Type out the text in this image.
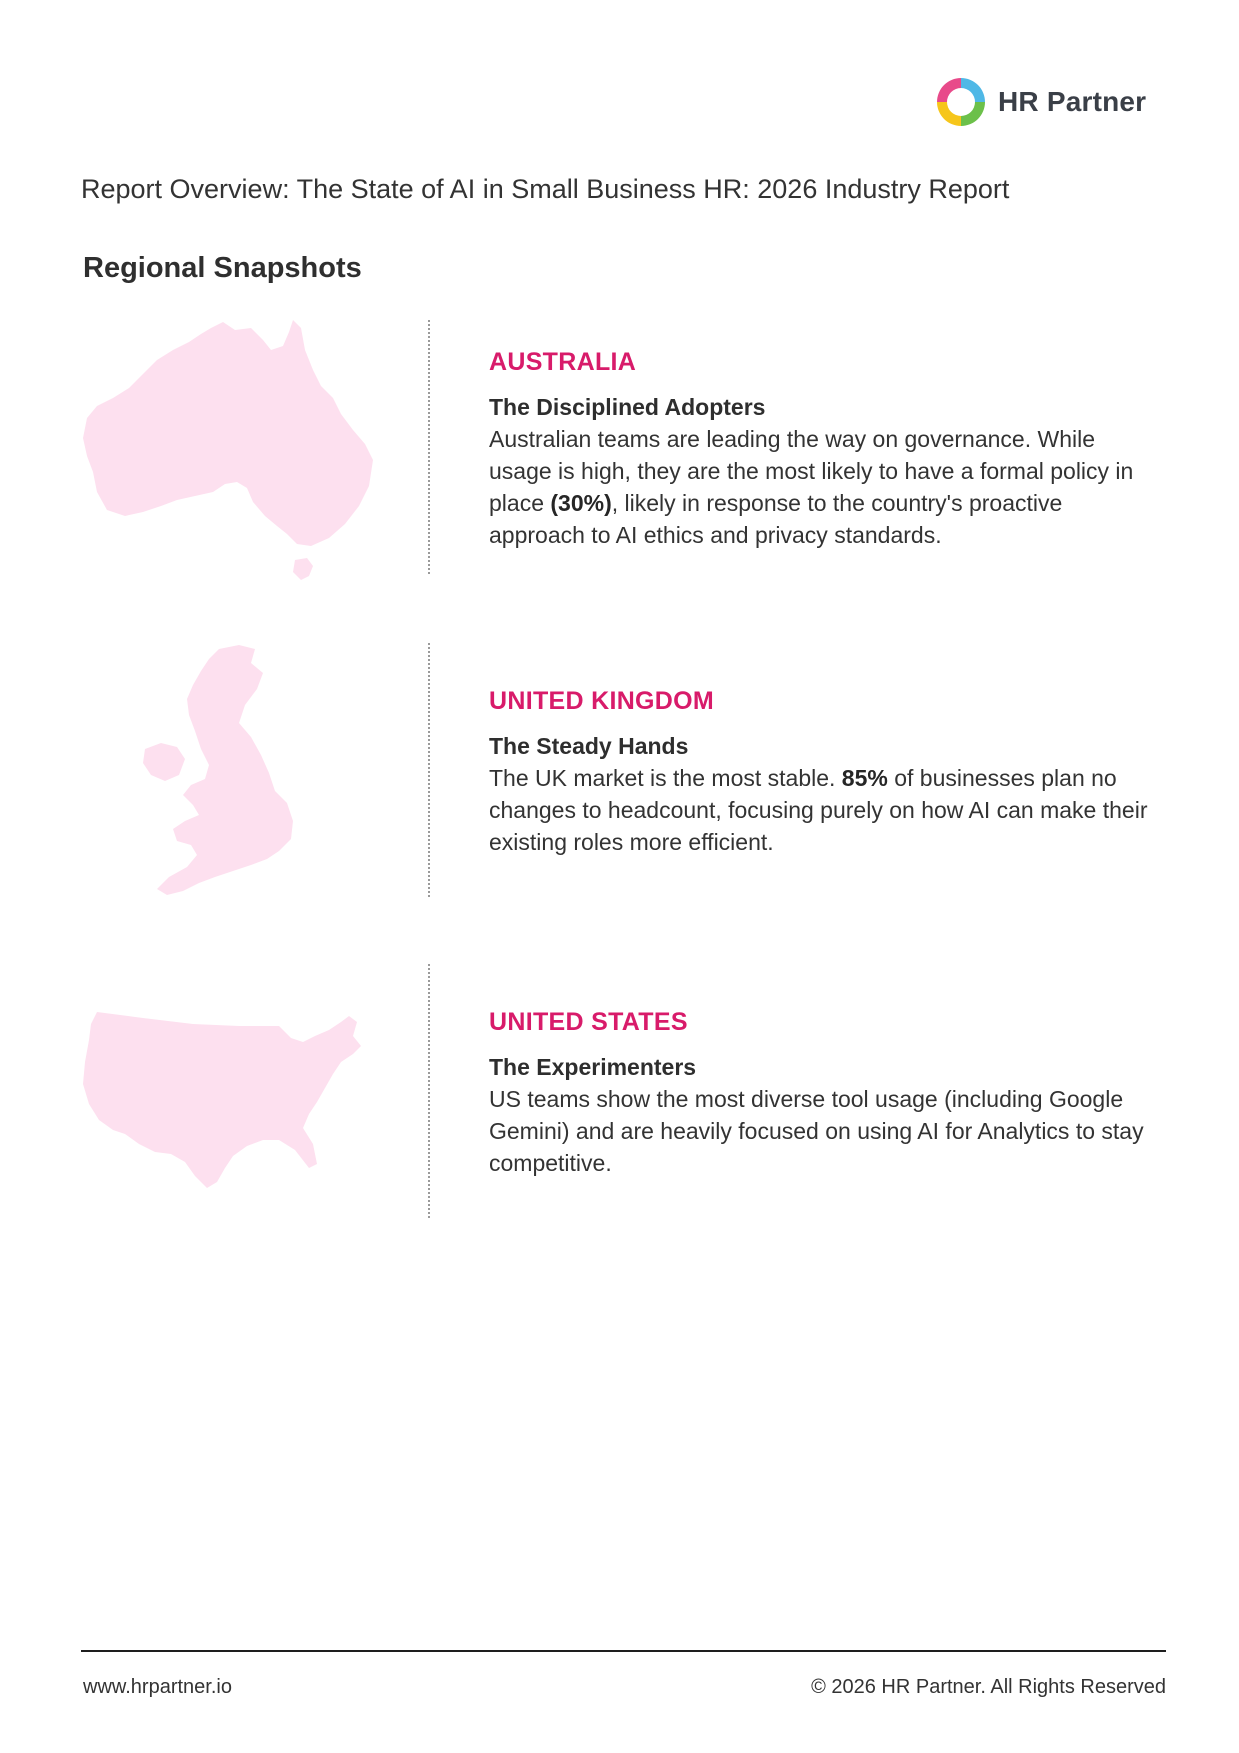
HR Partner
Report Overview: The State of AI in Small Business HR: 2026 Industry Report
Regional Snapshots
AUSTRALIA

The Disciplined Adopters

Australian teams are leading the way on governance. While usage is high, they are the most likely to have a formal policy in place (30%), likely in response to the country's proactive approach to AI ethics and privacy standards.

UNITED KINGDOM

The Steady Hands

The UK market is the most stable. 85% of businesses plan no changes to headcount, focusing purely on how AI can make their existing roles more efficient.

UNITED STATES

The Experimenters

US teams show the most diverse tool usage (including Google Gemini) and are heavily focused on using AI for Analytics to stay competitive.

www.hrpartner.io	© 2026 HR Partner. All Rights Reserved
